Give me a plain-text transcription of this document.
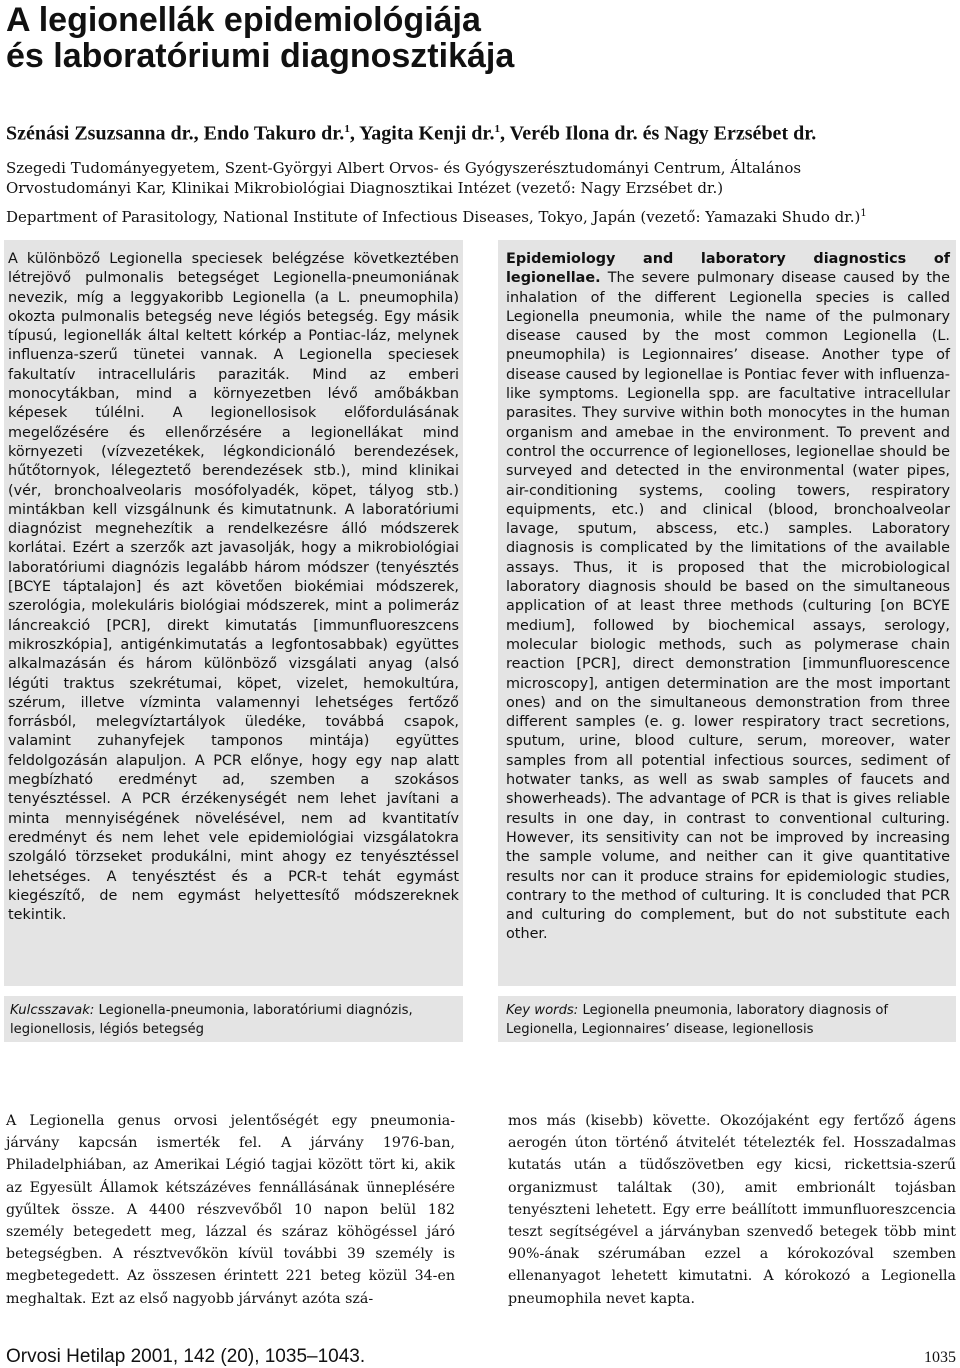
A legionellák epidemiológiája
és laboratóriumi diagnosztikája
Szénási Zsuzsanna dr., Endo Takuro dr.$^1$, Yagita Kenji dr.$^1$, Veréb Ilona dr. és Nagy Erzsébet dr.
Szegedi Tudományegyetem, Szent-Györgyi Albert Orvos- és Gyógyszerésztudományi Centrum, Általános
Orvostudományi Kar, Klinikai Mikrobiológiai Diagnosztikai Intézet (vezető: Nagy Erzsébet dr.)
Department of Parasitology, National Institute of Infectious Diseases, Tokyo, Japán (vezető: Yamazaki Shudo dr.)$^1$
A különböző Legionella speciesek belégzése következtében létrejövő pulmonalis betegséget Legionella-pneumoniának nevezik, míg a leggyakoribb Legionella (a L. pneumophila) okozta pulmonalis betegség neve légiós betegség. Egy másik típusú, legionellák által keltett kórkép a Pontiac-láz, melynek influenza-szerű tünetei vannak. A Legionella speciesek fakultatív intracelluláris paraziták. Mind az emberi monocytákban, mind a környezetben lévő amőbákban képesek túlélni. A legionellosisok előfordulásának megelőzésére és ellenőrzésére a legionellákat mind környezeti (vízvezetékek, légkondicionáló berendezések, hűtőtornyok, lélegeztető berendezések stb.), mind klinikai (vér, bronchoalveolaris mosófolyadék, köpet, tályog stb.) mintákban kell vizsgálnunk és kimutatnunk. A laboratóriumi diagnózist megnehezítik a rendelkezésre álló módszerek korlátai. Ezért a szerzők azt javasolják, hogy a mikrobiológiai laboratóriumi diagnózis legalább három módszer (tenyésztés [BCYE táptalajon] és azt követően biokémiai módszerek, szerológia, molekuláris biológiai módszerek, mint a polimeráz láncreakció [PCR], direkt kimutatás [immunfluoreszcens mikroszkópia], antigénkimutatás a legfontosabbak) együttes alkalmazásán és három különböző vizsgálati anyag (alsó légúti traktus szekrétumai, köpet, vizelet, hemokultúra, szérum, illetve vízminta valamennyi lehetséges fertőző forrásból, melegvíztartályok üledéke, továbbá csapok, valamint zuhanyfejek tamponos mintája) együttes feldolgozásán alapuljon. A PCR előnye, hogy egy nap alatt megbízható eredményt ad, szemben a szokásos tenyésztéssel. A PCR érzékenységét nem lehet javítani a minta mennyiségének növelésével, nem ad kvantitatív eredményt és nem lehet vele epidemiológiai vizsgálatokra szolgáló törzseket produkálni, mint ahogy ez tenyésztéssel lehetséges. A tenyésztést és a PCR-t tehát egymást kiegészítő, de nem egymást helyettesítő módszereknek tekintik.
Epidemiology and laboratory diagnostics of legionellae. The severe pulmonary disease caused by the inhalation of the different Legionella species is called Legionella pneumonia, while the name of the pulmonary disease caused by the most common Legionella (L. pneumophila) is Legionnaires’ disease. Another type of disease caused by legionellae is Pontiac fever with influenza-like symptoms. Legionella spp. are facultative intracellular parasites. They survive within both monocytes in the human organism and amebae in the environment. To prevent and control the occurrence of legionelloses, legionellae should be surveyed and detected in the environmental (water pipes, air-conditioning systems, cooling towers, respiratory equipments, etc.) and clinical (blood, bronchoalveolar lavage, sputum, abscess, etc.) samples. Laboratory diagnosis is complicated by the limitations of the available assays. Thus, it is proposed that the microbiological laboratory diagnosis should be based on the simultaneous application of at least three methods (culturing [on BCYE medium], followed by biochemical assays, serology, molecular biologic methods, such as polymerase chain reaction [PCR], direct demonstration [immunfluorescence microscopy], antigen determination are the most important ones) and on the simultaneous demonstration from three different samples (e. g. lower respiratory tract secretions, sputum, urine, blood culture, serum, moreover, water samples from all potential infectious sources, sediment of hotwater tanks, as well as swab samples of faucets and showerheads). The advantage of PCR is that is gives reliable results in one day, in contrast to conventional culturing. However, its sensitivity can not be improved by increasing the sample volume, and neither can it give quantitative results nor can it produce strains for epidemiologic studies, contrary to the method of culturing. It is concluded that PCR and culturing do complement, but do not substitute each other.
Kulcsszavak: Legionella-pneumonia, laboratóriumi diagnózis, legionellosis, légiós betegség
Key words: Legionella pneumonia, laboratory diagnosis of Legionella, Legionnaires’ disease, legionellosis
A Legionella genus orvosi jelentőségét egy pneumonia-járvány kapcsán ismerték fel. A járvány 1976-ban, Philadelphiában, az Amerikai Légió tagjai között tört ki, akik az Egyesült Államok kétszázéves fennállásának ünneplésére gyűltek össze. A 4400 részvevőből 10 napon belül 182 személy betegedett meg, lázzal és száraz köhögéssel járó betegségben. A résztvevőkön kívül további 39 személy is megbetegedett. Az összesen érintett 221 beteg közül 34-en meghaltak. Ezt az első nagyobb járványt azóta szá-
mos más (kisebb) követte. Okozójaként egy fertőző ágens aerogén úton történő átvitelét tételezték fel. Hosszadalmas kutatás után a tüdőszövetben egy kicsi, rickettsia-szerű organizmust találtak (30), amit embrionált tojásban tenyészteni lehetett. Egy erre beállított immunfluoreszcencia teszt segítségével a járványban szenvedő betegek több mint 90%-ának szérumában ezzel a kórokozóval szemben ellenanyagot lehetett kimutatni. A kórokozó a Legionella pneumophila nevet kapta.
Orvosi Hetilap 2001, 142 (20), 1035–1043.	1035
